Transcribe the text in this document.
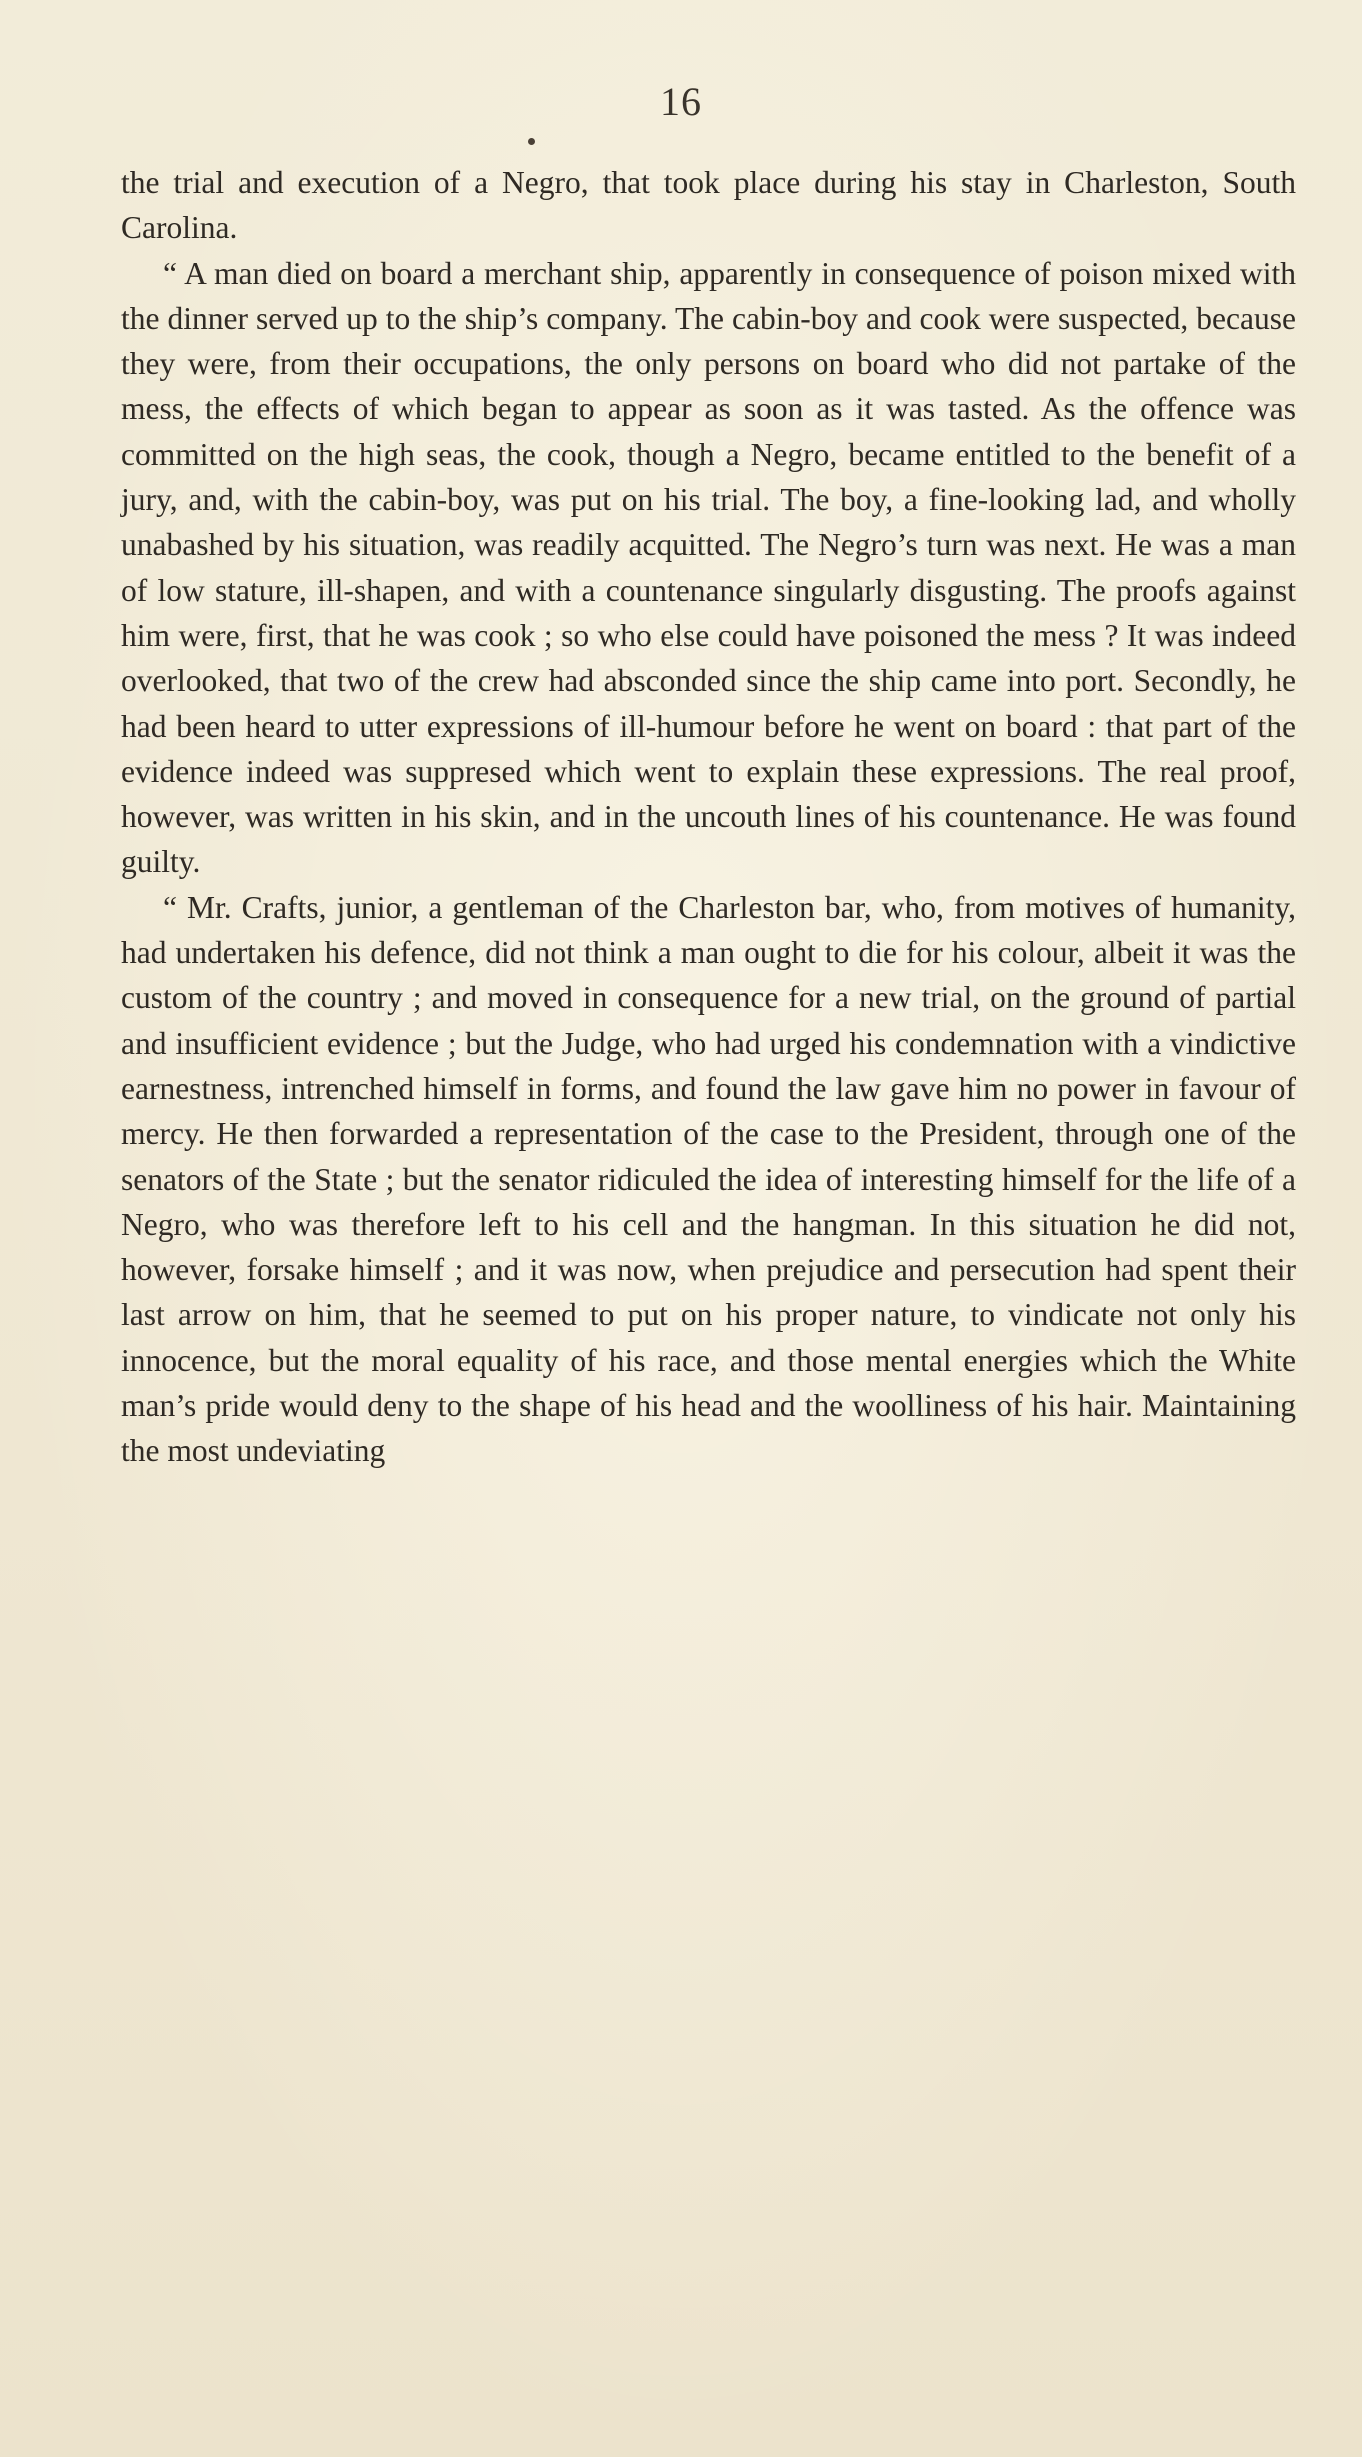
16

the trial and execution of a Negro, that took place during his stay in Charleston, South Carolina.

“ A man died on board a merchant ship, apparently in consequence of poison mixed with the dinner served up to the ship’s company. The cabin-boy and cook were suspected, because they were, from their occupations, the only persons on board who did not partake of the mess, the effects of which began to appear as soon as it was tasted. As the offence was committed on the high seas, the cook, though a Negro, became entitled to the benefit of a jury, and, with the cabin-boy, was put on his trial. The boy, a fine-looking lad, and wholly unabashed by his situation, was readily acquitted. The Negro’s turn was next. He was a man of low stature, ill-shapen, and with a countenance singularly disgusting. The proofs against him were, first, that he was cook ; so who else could have poisoned the mess ? It was indeed overlooked, that two of the crew had absconded since the ship came into port. Secondly, he had been heard to utter expressions of ill-humour before he went on board : that part of the evidence indeed was suppresed which went to explain these expressions. The real proof, however, was written in his skin, and in the uncouth lines of his countenance. He was found guilty.

“ Mr. Crafts, junior, a gentleman of the Charleston bar, who, from motives of humanity, had undertaken his defence, did not think a man ought to die for his colour, albeit it was the custom of the country ; and moved in consequence for a new trial, on the ground of partial and insufficient evidence ; but the Judge, who had urged his condemnation with a vindictive earnestness, intrenched himself in forms, and found the law gave him no power in favour of mercy. He then forwarded a representation of the case to the President, through one of the senators of the State ; but the senator ridiculed the idea of interesting himself for the life of a Negro, who was therefore left to his cell and the hangman. In this situation he did not, however, forsake himself ; and it was now, when prejudice and persecution had spent their last arrow on him, that he seemed to put on his proper nature, to vindicate not only his innocence, but the moral equality of his race, and those mental energies which the White man’s pride would deny to the shape of his head and the woolliness of his hair. Maintaining the most undeviating
